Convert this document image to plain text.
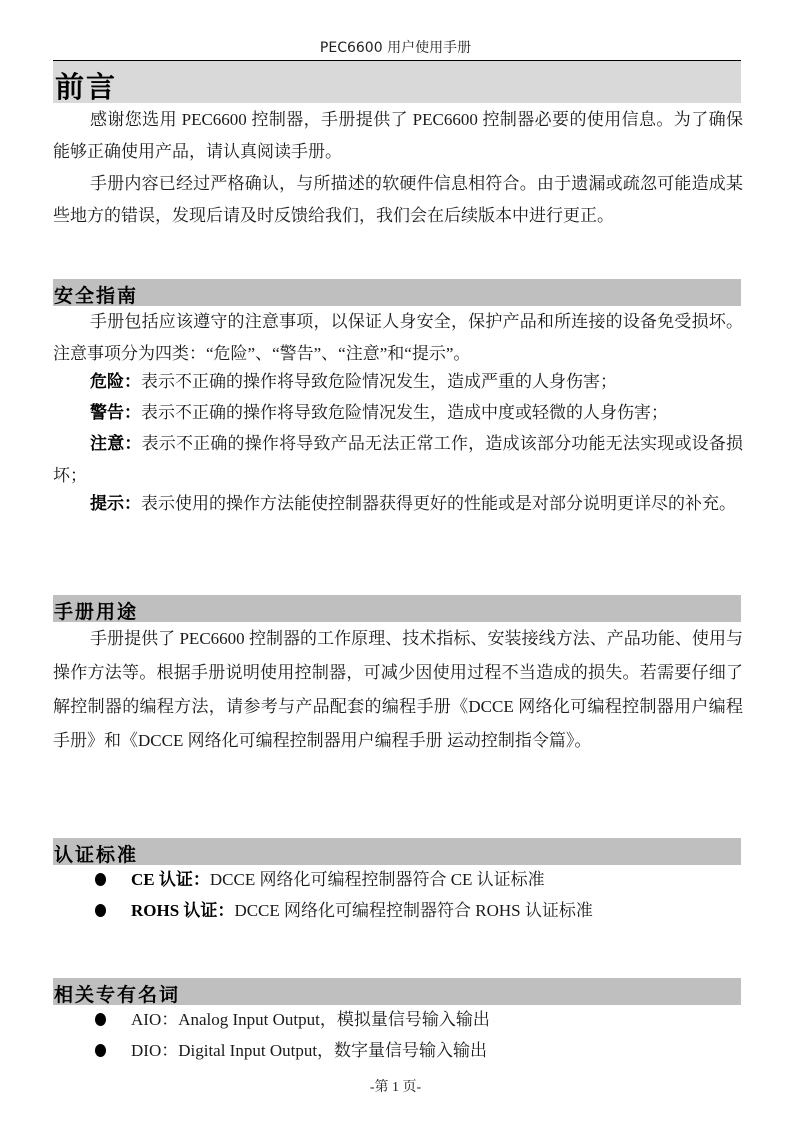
PEC6600 用户使用手册
前言
感谢您选用 PEC6600 控制器，手册提供了 PEC6600 控制器必要的使用信息。为了确保能够正确使用产品，请认真阅读手册。
手册内容已经过严格确认，与所描述的软硬件信息相符合。由于遗漏或疏忽可能造成某些地方的错误，发现后请及时反馈给我们，我们会在后续版本中进行更正。
安全指南
手册包括应该遵守的注意事项，以保证人身安全，保护产品和所连接的设备免受损坏。注意事项分为四类：“危险”、“警告”、“注意”和“提示”。
危险：表示不正确的操作将导致危险情况发生，造成严重的人身伤害；
警告：表示不正确的操作将导致危险情况发生，造成中度或轻微的人身伤害；
注意：表示不正确的操作将导致产品无法正常工作，造成该部分功能无法实现或设备损坏；
提示：表示使用的操作方法能使控制器获得更好的性能或是对部分说明更详尽的补充。
手册用途
手册提供了 PEC6600 控制器的工作原理、技术指标、安装接线方法、产品功能、使用与操作方法等。根据手册说明使用控制器，可减少因使用过程不当造成的损失。若需要仔细了解控制器的编程方法，请参考与产品配套的编程手册《DCCE 网络化可编程控制器用户编程手册》和《DCCE 网络化可编程控制器用户编程手册 运动控制指令篇》。
认证标准
CE 认证：DCCE 网络化可编程控制器符合 CE 认证标准
ROHS 认证：DCCE 网络化可编程控制器符合 ROHS 认证标准
相关专有名词
AIO：Analog Input Output，模拟量信号输入输出
DIO：Digital Input Output，数字量信号输入输出
-第 1 页-
